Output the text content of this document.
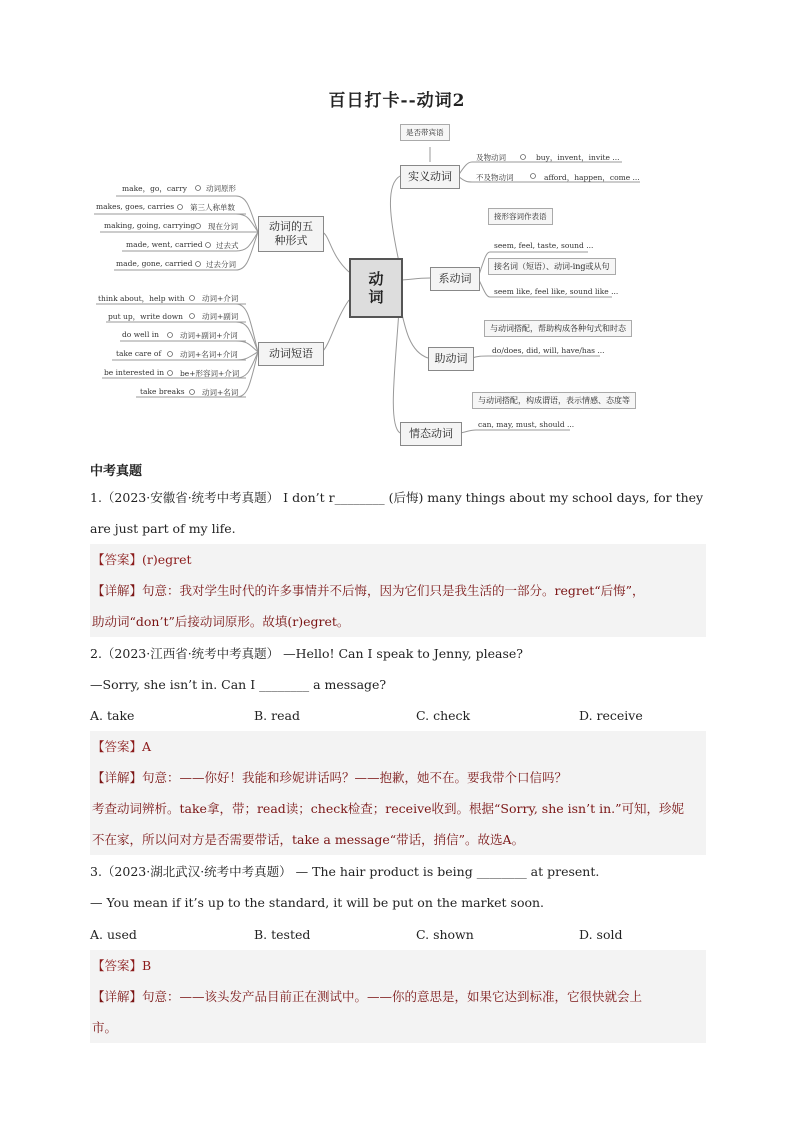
百日打卡--动词2
动
词
动词的五
种形式
动词短语
实义动词
系动词
助动词
情态动词
make，go，carry	动词原形
makes, goes, carries 第三人称单数
making, going, carrying 现在分词
made, went, carried 过去式
made, gone, carried 过去分词
think about，help with 动词+介词
put up，write down	动词+副词
do well in	动词+副词+介词
take care of	动词+名词+介词
be interested in be+形容词+介词
take breaks 动词+名词
是否带宾语
及物动词	buy，invent，invite ...
不及物动词	afford，happen，come ...
接形容词作表语
seem, feel, taste, sound ...
接名词（短语）、动词-ing或从句
seem like, feel like, sound like ...
与动词搭配，帮助构成各种句式和时态
do/does, did, will, have/has ...
与动词搭配，构成谓语，表示情感、态度等
can, may, must, should ...
中考真题
1.（2023·安徽省·统考中考真题） I don’t r________ (后悔) many things about my school days, for they
are just part of my life.
【答案】(r)egret
【详解】句意：我对学生时代的许多事情并不后悔，因为它们只是我生活的一部分。regret“后悔”，
助动词“don’t”后接动词原形。故填(r)egret。
2.（2023·江西省·统考中考真题） —Hello! Can I speak to Jenny, please?
—Sorry, she isn’t in. Can I ________ a message?
A. take	B. read	C. check	D. receive
【答案】A
【详解】句意：——你好！我能和珍妮讲话吗？——抱歉，她不在。要我带个口信吗？
考查动词辨析。take拿，带；read读；check检查；receive收到。根据“Sorry, she isn’t in.”可知，珍妮
不在家，所以问对方是否需要带话，take a message“带话，捎信”。故选A。
3.（2023·湖北武汉·统考中考真题） — The hair product is being ________ at present.
— You mean if it’s up to the standard, it will be put on the market soon.
A. used	B. tested	C. shown	D. sold
【答案】B
【详解】句意：——该头发产品目前正在测试中。——你的意思是，如果它达到标准，它很快就会上
市。
